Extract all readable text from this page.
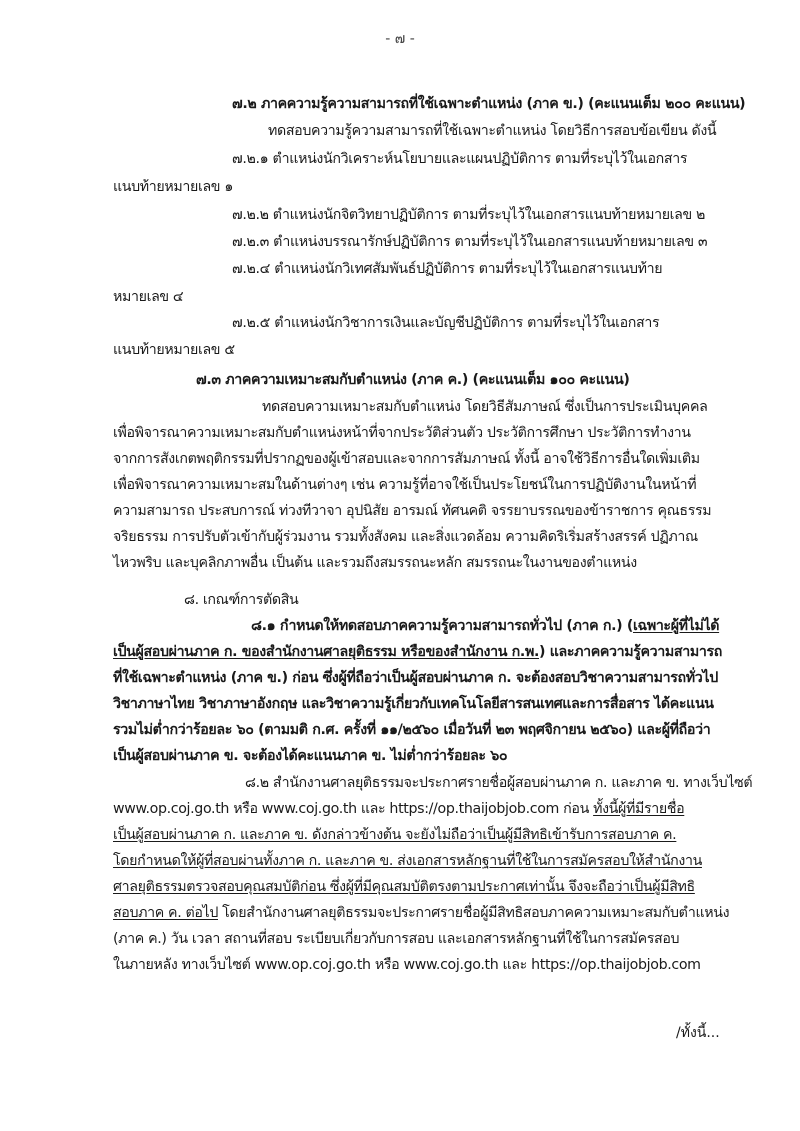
- ๗ -
๗.๒ ภาคความรู้ความสามารถที่ใช้เฉพาะตำแหน่ง (ภาค ข.) (คะแนนเต็ม ๒๐๐ คะแนน)
ทดสอบความรู้ความสามารถที่ใช้เฉพาะตำแหน่ง โดยวิธีการสอบข้อเขียน ดังนี้
๗.๒.๑ ตำแหน่งนักวิเคราะห์นโยบายและแผนปฏิบัติการ ตามที่ระบุไว้ในเอกสาร
แนบท้ายหมายเลข ๑
๗.๒.๒ ตำแหน่งนักจิตวิทยาปฏิบัติการ ตามที่ระบุไว้ในเอกสารแนบท้ายหมายเลข ๒
๗.๒.๓ ตำแหน่งบรรณารักษ์ปฏิบัติการ ตามที่ระบุไว้ในเอกสารแนบท้ายหมายเลข ๓
๗.๒.๔ ตำแหน่งนักวิเทศสัมพันธ์ปฏิบัติการ ตามที่ระบุไว้ในเอกสารแนบท้าย
หมายเลข ๔
๗.๒.๕ ตำแหน่งนักวิชาการเงินและบัญชีปฏิบัติการ ตามที่ระบุไว้ในเอกสาร
แนบท้ายหมายเลข ๕
๗.๓ ภาคความเหมาะสมกับตำแหน่ง (ภาค ค.) (คะแนนเต็ม ๑๐๐ คะแนน)
ทดสอบความเหมาะสมกับตำแหน่ง โดยวิธีสัมภาษณ์ ซึ่งเป็นการประเมินบุคคล
เพื่อพิจารณาความเหมาะสมกับตำแหน่งหน้าที่จากประวัติส่วนตัว ประวัติการศึกษา ประวัติการทำงาน
จากการสังเกตพฤติกรรมที่ปรากฏของผู้เข้าสอบและจากการสัมภาษณ์ ทั้งนี้ อาจใช้วิธีการอื่นใดเพิ่มเติม
เพื่อพิจารณาความเหมาะสมในด้านต่างๆ เช่น ความรู้ที่อาจใช้เป็นประโยชน์ในการปฏิบัติงานในหน้าที่
ความสามารถ ประสบการณ์ ท่วงทีวาจา อุปนิสัย อารมณ์ ทัศนคติ จรรยาบรรณของข้าราชการ คุณธรรม
จริยธรรม การปรับตัวเข้ากับผู้ร่วมงาน รวมทั้งสังคม และสิ่งแวดล้อม ความคิดริเริ่มสร้างสรรค์ ปฏิภาณ
ไหวพริบ และบุคลิกภาพอื่น เป็นต้น และรวมถึงสมรรถนะหลัก สมรรถนะในงานของตำแหน่ง
๘. เกณฑ์การตัดสิน
๘.๑ กำหนดให้ทดสอบภาคความรู้ความสามารถทั่วไป (ภาค ก.) (เฉพาะผู้ที่ไม่ได้
เป็นผู้สอบผ่านภาค ก. ของสำนักงานศาลยุติธรรม หรือของสำนักงาน ก.พ.) และภาคความรู้ความสามารถ
ที่ใช้เฉพาะตำแหน่ง (ภาค ข.) ก่อน ซึ่งผู้ที่ถือว่าเป็นผู้สอบผ่านภาค ก. จะต้องสอบวิชาความสามารถทั่วไป
วิชาภาษาไทย วิชาภาษาอังกฤษ และวิชาความรู้เกี่ยวกับเทคโนโลยีสารสนเทศและการสื่อสาร ได้คะแนน
รวมไม่ต่ำกว่าร้อยละ ๖๐ (ตามมติ ก.ศ. ครั้งที่ ๑๑/๒๕๖๐ เมื่อวันที่ ๒๓ พฤศจิกายน ๒๕๖๐) และผู้ที่ถือว่า
เป็นผู้สอบผ่านภาค ข. จะต้องได้คะแนนภาค ข. ไม่ต่ำกว่าร้อยละ ๖๐
๘.๒ สำนักงานศาลยุติธรรมจะประกาศรายชื่อผู้สอบผ่านภาค ก. และภาค ข. ทางเว็บไซต์
www.op.coj.go.th หรือ www.coj.go.th และ https://op.thaijobjob.com ก่อน ทั้งนี้ผู้ที่มีรายชื่อ
เป็นผู้สอบผ่านภาค ก. และภาค ข. ดังกล่าวข้างต้น จะยังไม่ถือว่าเป็นผู้มีสิทธิเข้ารับการสอบภาค ค.
โดยกำหนดให้ผู้ที่สอบผ่านทั้งภาค ก. และภาค ข. ส่งเอกสารหลักฐานที่ใช้ในการสมัครสอบให้สำนักงาน
ศาลยุติธรรมตรวจสอบคุณสมบัติก่อน ซึ่งผู้ที่มีคุณสมบัติตรงตามประกาศเท่านั้น จึงจะถือว่าเป็นผู้มีสิทธิ
สอบภาค ค. ต่อไป โดยสำนักงานศาลยุติธรรมจะประกาศรายชื่อผู้มีสิทธิสอบภาคความเหมาะสมกับตำแหน่ง
(ภาค ค.) วัน เวลา สถานที่สอบ ระเบียบเกี่ยวกับการสอบ และเอกสารหลักฐานที่ใช้ในการสมัครสอบ
ในภายหลัง ทางเว็บไซต์ www.op.coj.go.th หรือ www.coj.go.th และ https://op.thaijobjob.com
/ทั้งนี้...
